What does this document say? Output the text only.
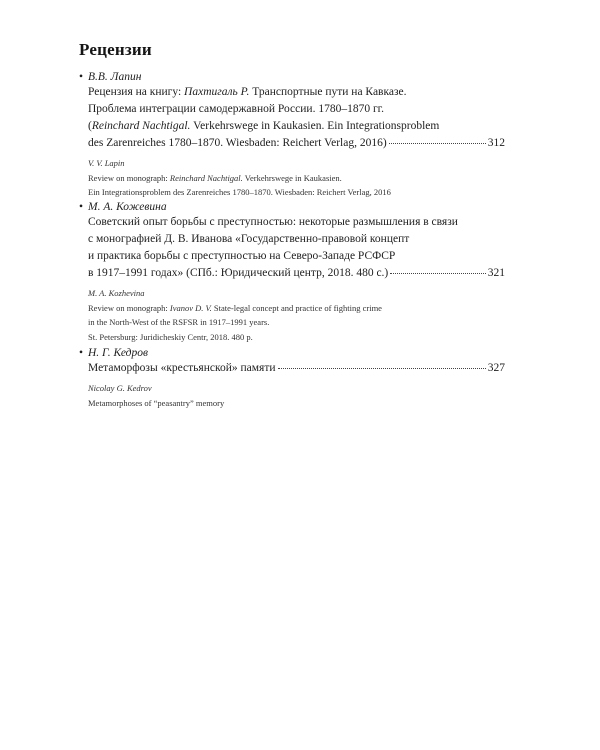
Рецензии
• В.В. Лапин
Рецензия на книгу: Пахтигаль Р. Транспортные пути на Кавказе.
Проблема интеграции самодержавной России. 1780–1870 гг.
(Reinchard Nachtigal. Verkehrswege in Kaukasien. Ein Integrationsproblem
des Zarenreiches 1780–1870. Wiesbaden: Reichert Verlag, 2016)	312
V. V. Lapin
Review on monograph: Reinchard Nachtigal. Verkehrswege in Kaukasien.
Ein Integrationsproblem des Zarenreiches 1780–1870. Wiesbaden: Reichert Verlag, 2016
• М. А. Кожевина
Советский опыт борьбы с преступностью: некоторые размышления в связи
с монографией Д. В. Иванова «Государственно-правовой концепт
и практика борьбы с преступностью на Северо-Западе РСФСР
в 1917–1991 годах» (СПб.: Юридический центр, 2018. 480 с.)	321
M. A. Kozhevina
Review on monograph: Ivanov D. V. State-legal concept and practice of fighting crime
in the North-West of the RSFSR in 1917–1991 years.
St. Petersburg: Juridicheskiy Centr, 2018. 480 p.
• Н. Г. Кедров
Метаморфозы «крестьянской» памяти	327
Nicolay G. Kedrov
Metamorphoses of “peasantry” memory
